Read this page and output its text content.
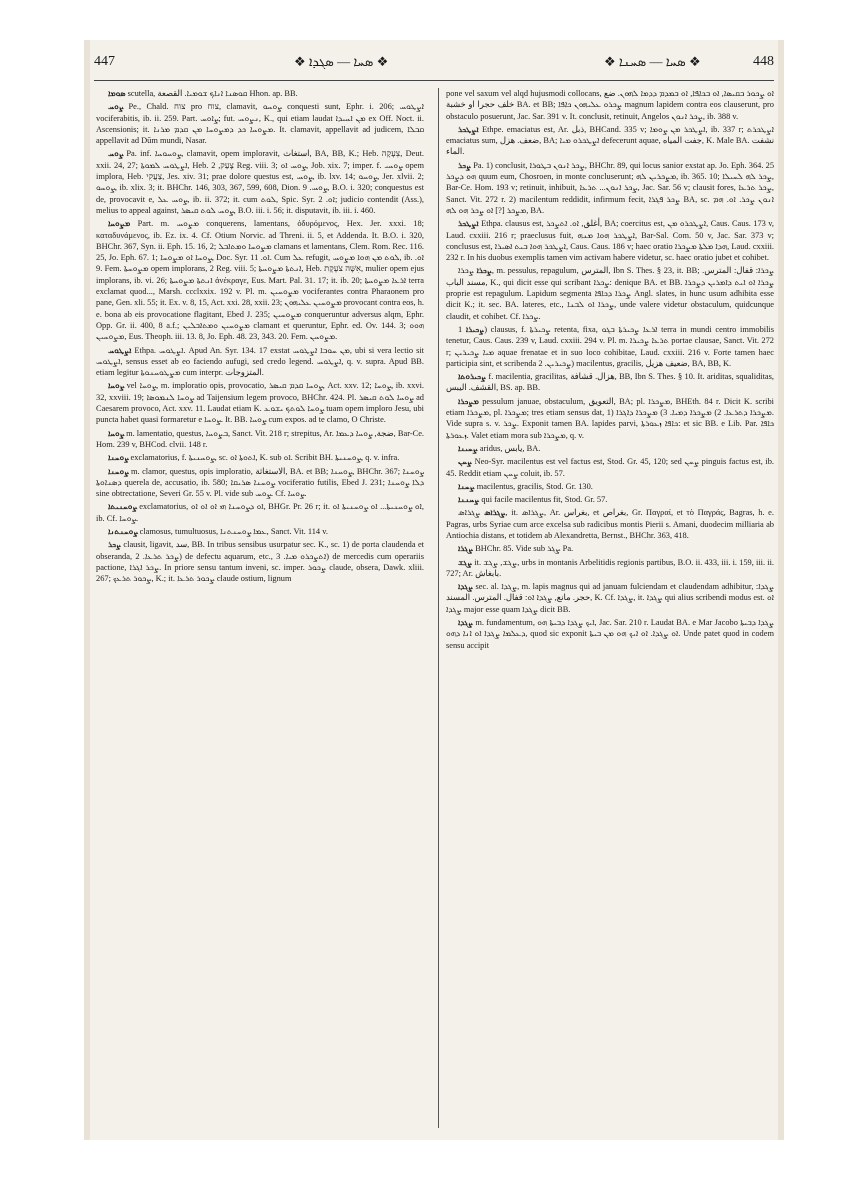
447	❖ ܣܚܐ — ܣܓܕܐ ❖	❖ ܣܚܐ — ܣܚܢܐ ❖	448

ܣܘܡܐ scutella, ܩܘܣܢܐ ܐܢܐܟ ܫܘܡܝܐ. القصعة Hhon. ap. BB.

ܨܘܚ Pe., Chald. צוח pro צוח, clamavit, ܨܘܚܘ conquesti sunt, Ephr. i. 206; ܐܨܛܘܚ vociferabitis, ib. ii. 259. Part. ܨܐܘܚ; fut. ܢܨܘܚ, K., qui etiam laudat ܡܢ ܐܚܝܕܐ ex Off. Noct. ii. Ascensionis; it. ܡܨܘܚܐ ܟܕ ܕܡܨܘܚܐ ܡܢ ܩܕܡ ܡܪܢܐ. It. clamavit, appellavit ad judicem, ܩܒܠܐ appellavit ad Dūm mundi, Nasar.

ܨܘܚ Pa. inf. ܨܘܚܘܚܐ, clamavit, opem imploravit, استغاث, BA, BB, K.; Heb. צְעָקָה, Deut. xxii. 24, 27; ܐܨܛܘܚ ܠܡܘܬܐ, Heb. צָעַק, 2 Reg. viii. 3; ܨܘܚ ܐܘ, Job. xix. 7; imper. f. ܨܘܚܝ opem implora, Heb. צַעֲקִי, Jes. xiv. 31; prae dolore questus est, ܨܘܚ, ib. lxv. 14; ܨܘܚܘ, Jer. xlvii. 2; ܨܘܚܘ, ib. xlix. 3; it. BHChr. 146, 303, 367, 599, 608, Dion. ܨܘܚ. 9, B.O. i. 320; conquestus est de, provocavit e, ܨܘܚ ܥܠ, ib. ii. 372; it. cum ܠܘܬ, Spic. Syr. ܐܘ. 2; judicio contendit (Ass.), melius to appeal against, ܨܘܚ ܠܘܬ ܩܝܣܪ, B.O. iii. i. 56; it. disputavit, ib. iii. i. 460.

ܡܨܘܚܐ Part. m. ܡܨܘܚ conquerens, lamentans, ὀδυρόμενος, Hex. Jer. xxxi. 18; καταδυνάμενος, ib. Ez. ix. 4. Cf. Otium Norvic. ad Threni. ii. 5, et Addenda. It. B.O. i. 320, BHChr. 367, Syn. ii. Eph. 15. 16, 2; ܡܨܘܚܐ ܘܡܬܐܒܠ clamans et lamentans, Clem. Rom. Rec. 116. 25, Jo. Eph. 67. 1; ܨܘܚܐ ܐܘ ܡܨܘܚܐ, Doc. Syr. ܐܘ. 11. Cum ܥܠ refugit, ܠܘܬ ܡܢ ܗܘܐ ܡܨܘܚ, ib. ܐܘ. 9. Fem. ܡܨܘܚܬܐ opem implorans, 2 Reg. viii. 5; ܐܢܬܬܐ ܡܨܘܚܬܐ, Heb. אִשָּׁה צֹעֶקֶת, mulier opem ejus implorans, ib. vi. 26; ܐܢܬܬܐ ܡܨܘܚܬܐ ἀνέκραγε, Eus. Mart. Pal. 31. 17; it. ib. 20; ܐܪܥܐ ܡܨܘܚܬܐ terra exclamat quod..., Marsh. ccclxxix. 192 v. Pl. m. ܡܨܘܚܝܢ vociferantes contra Pharaonem pro pane, Gen. xli. 55; it. Ex. v. 8, 15, Act. xxi. 28, xxii. 23; ܡܨܘܚܝܢ ܥܠܝܗܘܢ provocant contra eos, h. e. bona ab eis provocatione flagitant, Ebed J. 235; ܡܨܘܚܝܢ conqueruntur adversus alqm, Ephr. Opp. Gr. ii. 400, 8 a.f.; ܡܨܘܚܝܢ ܘܡܬܐܒܠܝܢ clamant et queruntur, Ephr. ed. Ov. 144. 3; ܗܘܘ ܡܨܘܚܝܢ, Eus. Theoph. iii. 13. 8, Jo. Eph. 48. 23, 343. 20. Fem. ܡܨܘܚܢ.

ܐܨܛܘܚ Ethpa. ܐܨܛܘܚ. Apud An. Syr. 134. 17 exstat ܡܢ ܚܘܒܐ ܐܨܛܘܚ, ubi si vera lectio sit ܐܨܛܘܚ, sensus esset ab eo faciendo aufugi, sed credo legend. ܐܨܛܘܚ, q. v. supra. Apud BB. etiam legitur ܡܨܛܘܚܢܘܬܐ cum interpr. المتزوجات.

ܨܘܚܐ vel ܨܘܚܐ, m. imploratio opis, provocatio, ܨܘܚܐ ܩܕܡ ܩܝܣܪ, Act. xxv. 12; ܨܘܚܐ, ib. xxvi. 32, xxviii. 19; ܨܘܚܐ ܠܢܡܘܣܐ ad Taijensium legem provoco, BHChr. 424. Pl. ܨܘܚܐ ܠܘܬ ܩܝܣܪ ad Caesarem provoco, Act. xxv. 11. Laudat etiam K. ܨܘܚܐ ܠܘܬܟ ܝܫܘܥ tuam opem imploro Jesu, ubi puncta habet quasi formaretur e ܨܘܚܐ. It. BB. ܨܘܚܐ cum expos. ad te clamo, O Christe.

ܨܘܚܐ m. lamentatio, questus, ܒܨܘܚܐ, Sanct. Vit. 218 r; strepitus, Ar. ضجة, ܨܘܚܐ ܕܥܡܐ, Bar-Ce. Hom. 239 v, BHCod. clvii. 148 r.

ܨܘܚܢܐ exclamatorius, f. ܨܘܚܢܝܬܐ, sc. ܐܬܘܬܐ ܐܘ, K. sub ܐܘ. Scribit BH. ܨܘܚܢܝܬܐ, q. v. infra.

ܨܘܚܢܐ m. clamor, questus, opis imploratio, الاستغاثة, BA. et BB; ܨܘܚܢܐ, BHChr. 367; ܨܘܚܢܐ ܕܣܢܐܘܬܐ querela de, accusatio, ib. 580; ܨܘܚܢܐ ܣܪܝܩܐ vociferatio futilis, Ebed J. 231; ܕܠܐ ܨܘܚܢܐ sine obtrectatione, Severi Gr. 55 v. Pl. vide sub ܨܘܚ. Cf. ܨܘܚܐ.

ܨܘܚܢܝܬܐ exclamatorius, ܐܘ ܕܨܘܚܢܐ ܗܝ ܐܘ ܐܘ ܐܘ, BHGr. Pr. 26 r; it. ܐܘ ܨܘܚܢܝܬܐ... ܐܘ ܨܘܚܢܝܬܐ ܐܘ, ib. Cf. ܨܘܚܐ.

ܨܘܚܢܬܢܐ clamosus, tumultuosus, ܥܡܐ ܨܘܚܢܬܢܐ, Sanct. Vit. 114 v.

ܨܟܪ clausit, ligavit, سد, BB. In tribus sensibus usurpatur sec. K., sc. 1) de porta claudenda et obseranda, ܨܟܪ ܬܪܥܐ. 2) de defectu aquarum, etc., ܐܬܨܟܪܘ ܡܝܐ. 3) de mercedis cum operariis pactione, ܨܟܪ ܐܓܪܐ. In priore sensu tantum inveni, sc. imper. ܨܟܘܪ claude, obsera, Dawk. xliii. 267; ܨܟܘܪ ܬܪܥܟ, K.; it. ܨܟܘܪ ܬܪܥܐ claude ostium, lignum

pone vel saxum vel alqd hujusmodi collocans, ܐܘ ܨܟܘܪ ܒܩܝܣܐ, ܐܘ ܒܟܐܦܐ, ܐܘ ܒܡܕܡ ܕܕܡܐ ܠܗܘܢ. ضع خلف حجرا او خشبة BA. et BB; ܨܟܪܘ ܥܠܝܗܘܢ ܟܐܦܐ magnum lapidem contra eos clauserunt, pro obstaculo posuerunt, Jac. Sar. 391 v. It. conclusit, retinuit, Angelos ܨܟܪ ܐܢܘܢ, ib. 388 v.

ܐܨܛܟܪ Ethpe. emaciatus est, Ar. ذبل, BHCand. 335 v; ܐܨܛܟܪ ܡܢ ܨܘܡܐ, ib. 337 r; ܐܨܛܟܪܬ emaciatus sum, ضعف. هزل, BA; ܐܨܛܟܪܘ ܡܝܐ defecerunt aquae, جفت المياه, K. Male BA. نشفت الماء.

ܨܟܪ Pa. 1) conclusit, ܨܟܪ ܐܢܘܢ ܒܛܘܪܐ, BHChr. 89, qui locus sanior exstat ap. Jo. Eph. 364. 25 ܗܘ ܕܨܟܪ quum eum, Chosroen, in monte concluserunt; ܡܨܟܪܝܢ ܠܗ, ib. 365. 10; ܨܟܪ ܠܗ ܠܚܝܠܐ, Bar-Ce. Hom. 193 v; retinuit, inhibuit, ܨܟܪ ܐܢܘܢ... ܬܪܥܐ, Jac. Sar. 56 v; clausit fores, ܨܟܪ ܬܪܥܐ, Sanct. Vit. 272 r. 2) macilentum reddidit, infirmum fecit, ܨܟܪ ܦܓܪܐ BA, sc. ܐܢܘܢ ܨܟܪ. ܐܘ. ܗܡ ܡܨܟܪ [?] ܐܘ ܨܟܪ ܗܘ ܠܗ, BA.

ܐܨܛܟܪ Ethpa. clausus est, أغلق, ܐܘ. ܐܬܨܟܪ, BA; coercitus est, ܐܨܛܟܪܘ ܡܢ, Caus. Caus. 173 v, Laud. cxxiii. 216 r; praeclusus fuit, ܐܨܛܟܪ ܗܘܐ ܡܢܗ, Bar-Sal. Com. 50 v, Jac. Sar. 373 v; conclusus est, ܐܨܛܟܪ ܗܘܐ ܒܝܬ ܐܣܝܪܐ, Caus. Caus. 186 v; haec oratio ܗܕܐ ܡܠܬܐ ܡܨܟܪܐ, Laud. cxxiii. 232 r. In his duobus exemplis tamen vim activam habere videtur, sc. haec oratio jubet et cohibet.

ܨܟܪܐ ܨܟܪܐ, m. pessulus, repagulum, المترس, Ibn S. Thes. § 23, it. BB; ܨܟܪܐ: قفال: المترس. مسند الباب, K., qui dicit esse qui scribant ܨܟܪܐ: denique BA. et BB. ܨܟܪܐ ܐܘ ܐܝܬ ܕܐܡܪܝܢ ܕܨܟܪܐ proprie est repagulum. Lapidum segmenta ܨܟܪܐ ܕܟܐܦܐ Angl. slates, in hunc usum adhibita esse dicit K.; it. sec. BA. lateres, etc., ܨܟܪܐ ܐܘ ܠܒܢܐ, unde valere videtur obstaculum, quidcunque claudit, et cohibet. Cf. ܨܟܪܐ.

ܨܟܝܪܐ 1) clausus, f. ܨܟܝܪܬܐ retenta, fixa, ܐܪܥܐ ܨܟܝܪܬܐ ܒܓܘ terra in mundi centro immobilis tenetur, Caus. Caus. 239 v, Laud. cxxiii. 294 v. Pl. m. ܬܪܥܐ ܨܟܝܪܐ portae clausae, Sanct. Vit. 272 r; ܡܝܐ ܨܟܝܪܝܢ aquae frenatae et in suo loco cohibitae, Laud. cxxiii. 216 v. Forte tamen haec participia sint, et scribenda ܨܟܝܪܝܢ. 2) macilentus, gracilis, ضعيف هزيل, BA, BB, K.

ܨܟܝܪܘܬܐ f. macilentia, gracilitas, هزال. قشافة, BB, Ibn S. Thes. § 10. It. ariditas, squaliditas, القشف. اليبس, BS. ap. BB.

ܡܨܟܪܐ pessulum januae, obstaculum, التعويق, BA; pl. ܡܨܟܪܐ, BHEth. 84 r. Dicit K. scribi etiam ܡܨܟܪܐ, pl. ܡܨܟܪܐ; tres etiam sensus dat, 1) ܡܨܟܪܐ ܕܬܪܥܐ. 2) ܡܨܟܪܐ ܕܡܝܐ. 3) ܡܨܟܪܐ ܕܐܓܪܐ. Vide supra s. v. ܨܟܪ. Exponit tamen BA. lapides parvi, ܟܐܦܐ ܙܥܘܪܬܐ: et sic BB. e Lib. Par. ܟܐܦܐ ܙܥܘܪܬܐ. Valet etiam mora sub ܡܨܟܪܐ, q. v.

ܨܚܝܢܐ aridus, يابس, BA.

ܨܚܢ Neo-Syr. macilentus est vel factus est, Stod. Gr. 45, 120; sed ܨܚܢ pinguis factus est, ib. 45. Reddit etiam ܨܚܢ coluit, ib. 57.

ܨܚܢܐ macilentus, gracilis, Stod. Gr. 130.

ܨܚܢܢܐ qui facile macilentus fit, Stod. Gr. 57.

ܨܓܪܐܣ ܨܓܪܐܣ, it. ܨܓܪܐܣ, Ar. بغراس, et بغراص, Gr. Παγραί, et τὸ Παγράς, Bagras, h. e. Pagras, urbs Syriae cum arce excelsa sub radicibus montis Pierii s. Amani, duodecim milliaria ab Antiochia distans, et totidem ab Alexandretta, Bernst., BHChr. 363, 418.

ܨܓܪܐ BHChr. 85. Vide sub ܨܓܪ Pa.

ܨܓܫ it. ܨܓܫ, ܨܓܫ, urbs in montanis Arbelitidis regionis partibus, B.O. ii. 433, iii. i. 159, iii. ii. 727; Ar. بابغاش.

ܨܓܕܐ sec. al. ܨܓܕܐ, m. lapis magnus qui ad januam fulciendam et claudendam adhibitur, ܨܓܕܐ: حجر. مانع, ܨܓܕܐ ܐܘ: قفال. المترس. المسند, K. Cf. ܨܓܕܐ, it. ܨܓܕܐ qui alius scribendi modus est. ܐܘ ܨܓܕܐ major esse quam ܨܓܕܐ dicit BB.

ܨܓܕܐ m. fundamentum, ܐܝܟ ܨܓܕܐ ܕܒܝܬܐ ܗܘ, Jac. Sar. 210 r. Laudat BA. e Mar Jacobo ܨܓܕܐ ܕܒܝܬܐ ܕܥܠܡܐ ܨܓܕܐ ܐܘ ܐܢܐ ܕܗܘ, quod sic exponit ܐܘ ܨܓܕܐ. ܐܘ ܐܝܟ ܗܘ ܡܢ ܒܝܬܐ. Unde patet quod in codem sensu accipit
